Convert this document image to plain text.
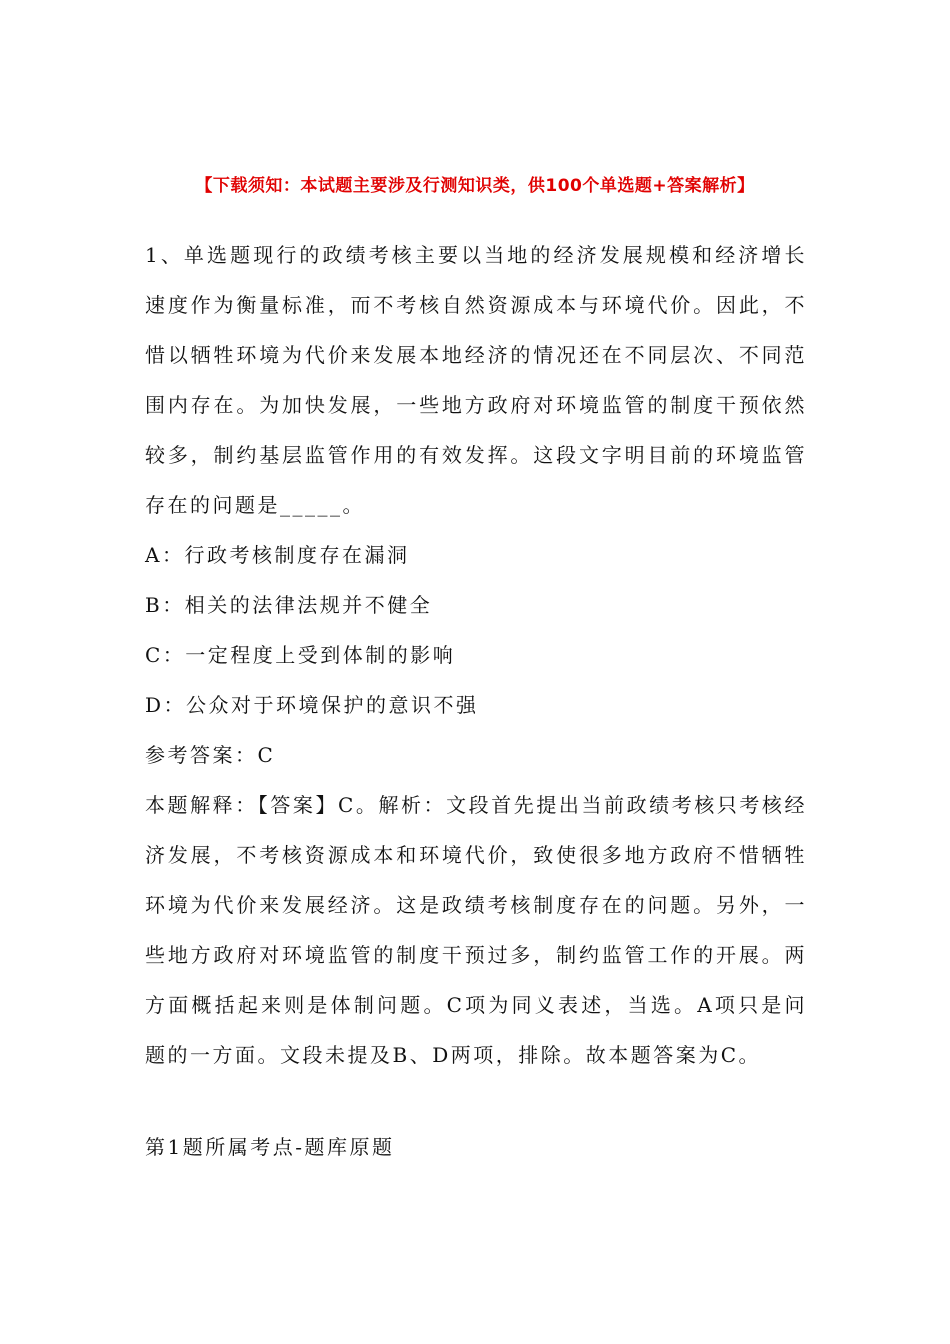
【下载须知：本试题主要涉及行测知识类，供100个单选题+答案解析】

1、单选题现行的政绩考核主要以当地的经济发展规模和经济增长速度作为衡量标准，而不考核自然资源成本与环境代价。因此，不惜以牺牲环境为代价来发展本地经济的情况还在不同层次、不同范围内存在。为加快发展，一些地方政府对环境监管的制度干预依然较多，制约基层监管作用的有效发挥。这段文字明目前的环境监管存在的问题是_____。

A：行政考核制度存在漏洞

B：相关的法律法规并不健全

C：一定程度上受到体制的影响

D：公众对于环境保护的意识不强

参考答案：C

本题解释：【答案】C。解析：文段首先提出当前政绩考核只考核经济发展，不考核资源成本和环境代价，致使很多地方政府不惜牺牲环境为代价来发展经济。这是政绩考核制度存在的问题。另外，一些地方政府对环境监管的制度干预过多，制约监管工作的开展。两方面概括起来则是体制问题。C项为同义表述，当选。A项只是问题的一方面。文段未提及B、D两项，排除。故本题答案为C。

第1题所属考点-题库原题
